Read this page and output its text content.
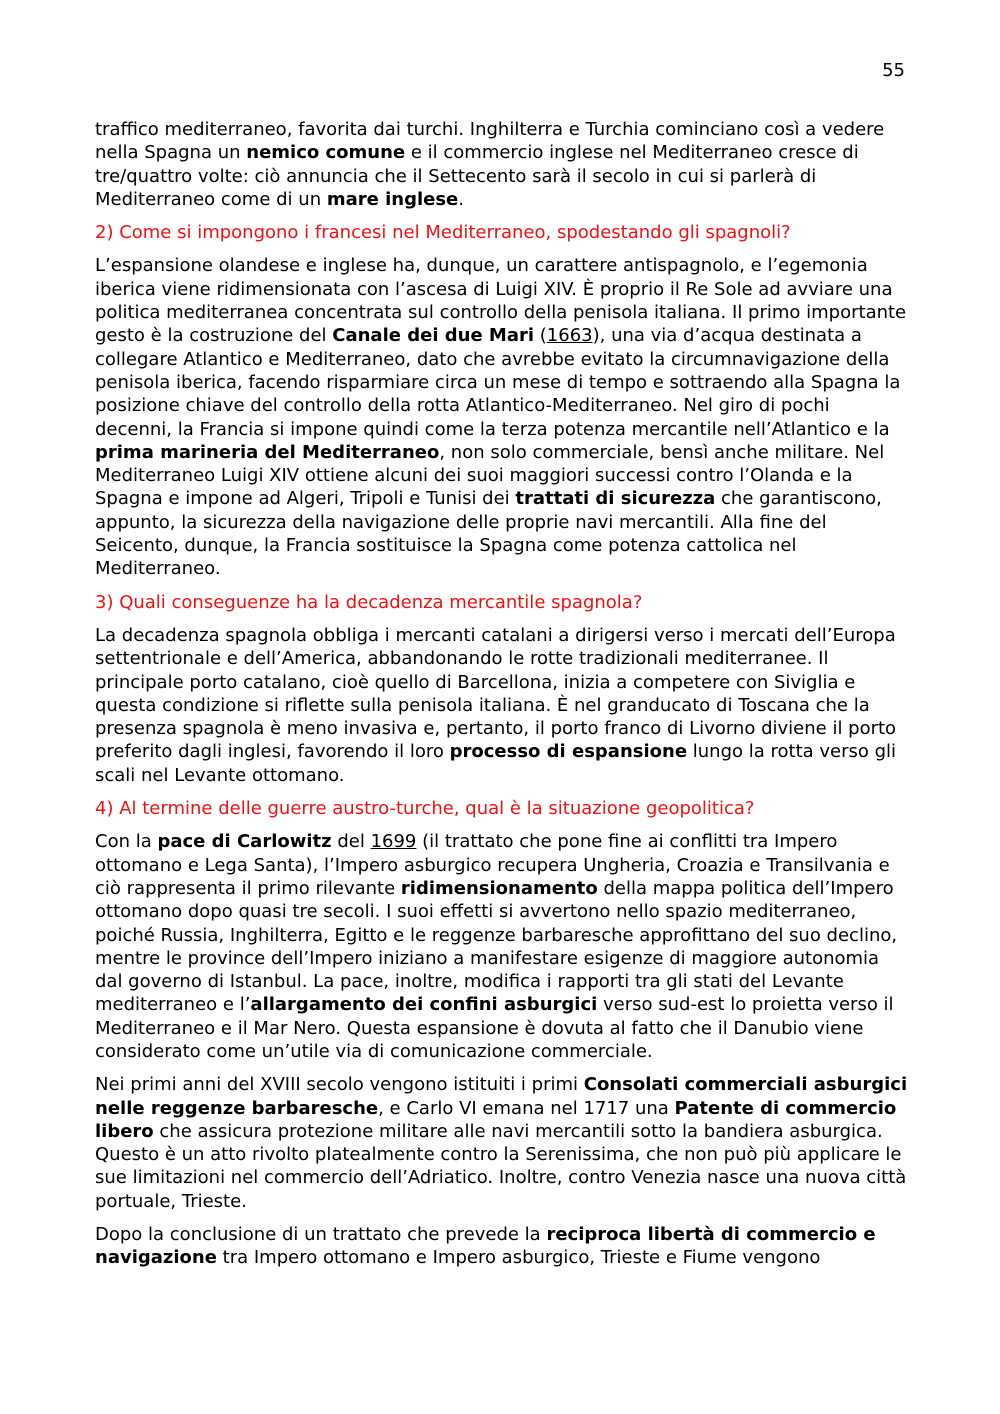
55

traffico mediterraneo, favorita dai turchi. Inghilterra e Turchia cominciano così a vedere nella Spagna un nemico comune e il commercio inglese nel Mediterraneo cresce di tre/quattro volte: ciò annuncia che il Settecento sarà il secolo in cui si parlerà di Mediterraneo come di un mare inglese.

2) Come si impongono i francesi nel Mediterraneo, spodestando gli spagnoli?

L’espansione olandese e inglese ha, dunque, un carattere antispagnolo, e l’egemonia iberica viene ridimensionata con l’ascesa di Luigi XIV. È proprio il Re Sole ad avviare una politica mediterranea concentrata sul controllo della penisola italiana. Il primo importante gesto è la costruzione del Canale dei due Mari (1663), una via d’acqua destinata a collegare Atlantico e Mediterraneo, dato che avrebbe evitato la circumnavigazione della penisola iberica, facendo risparmiare circa un mese di tempo e sottraendo alla Spagna la posizione chiave del controllo della rotta Atlantico-Mediterraneo. Nel giro di pochi decenni, la Francia si impone quindi come la terza potenza mercantile nell’Atlantico e la prima marineria del Mediterraneo, non solo commerciale, bensì anche militare. Nel Mediterraneo Luigi XIV ottiene alcuni dei suoi maggiori successi contro l’Olanda e la Spagna e impone ad Algeri, Tripoli e Tunisi dei trattati di sicurezza che garantiscono, appunto, la sicurezza della navigazione delle proprie navi mercantili. Alla fine del Seicento, dunque, la Francia sostituisce la Spagna come potenza cattolica nel Mediterraneo.

3) Quali conseguenze ha la decadenza mercantile spagnola?

La decadenza spagnola obbliga i mercanti catalani a dirigersi verso i mercati dell’Europa settentrionale e dell’America, abbandonando le rotte tradizionali mediterranee. Il principale porto catalano, cioè quello di Barcellona, inizia a competere con Siviglia e questa condizione si riflette sulla penisola italiana. È nel granducato di Toscana che la presenza spagnola è meno invasiva e, pertanto, il porto franco di Livorno diviene il porto preferito dagli inglesi, favorendo il loro processo di espansione lungo la rotta verso gli scali nel Levante ottomano.

4) Al termine delle guerre austro-turche, qual è la situazione geopolitica?

Con la pace di Carlowitz del 1699 (il trattato che pone fine ai conflitti tra Impero ottomano e Lega Santa), l’Impero asburgico recupera Ungheria, Croazia e Transilvania e ciò rappresenta il primo rilevante ridimensionamento della mappa politica dell’Impero ottomano dopo quasi tre secoli. I suoi effetti si avvertono nello spazio mediterraneo, poiché Russia, Inghilterra, Egitto e le reggenze barbaresche approfittano del suo declino, mentre le province dell’Impero iniziano a manifestare esigenze di maggiore autonomia dal governo di Istanbul. La pace, inoltre, modifica i rapporti tra gli stati del Levante mediterraneo e l’allargamento dei confini asburgici verso sud-est lo proietta verso il Mediterraneo e il Mar Nero. Questa espansione è dovuta al fatto che il Danubio viene considerato come un’utile via di comunicazione commerciale.

Nei primi anni del XVIII secolo vengono istituiti i primi Consolati commerciali asburgici nelle reggenze barbaresche, e Carlo VI emana nel 1717 una Patente di commercio libero che assicura protezione militare alle navi mercantili sotto la bandiera asburgica. Questo è un atto rivolto platealmente contro la Serenissima, che non può più applicare le sue limitazioni nel commercio dell’Adriatico. Inoltre, contro Venezia nasce una nuova città portuale, Trieste.

Dopo la conclusione di un trattato che prevede la reciproca libertà di commercio e navigazione tra Impero ottomano e Impero asburgico, Trieste e Fiume vengono
